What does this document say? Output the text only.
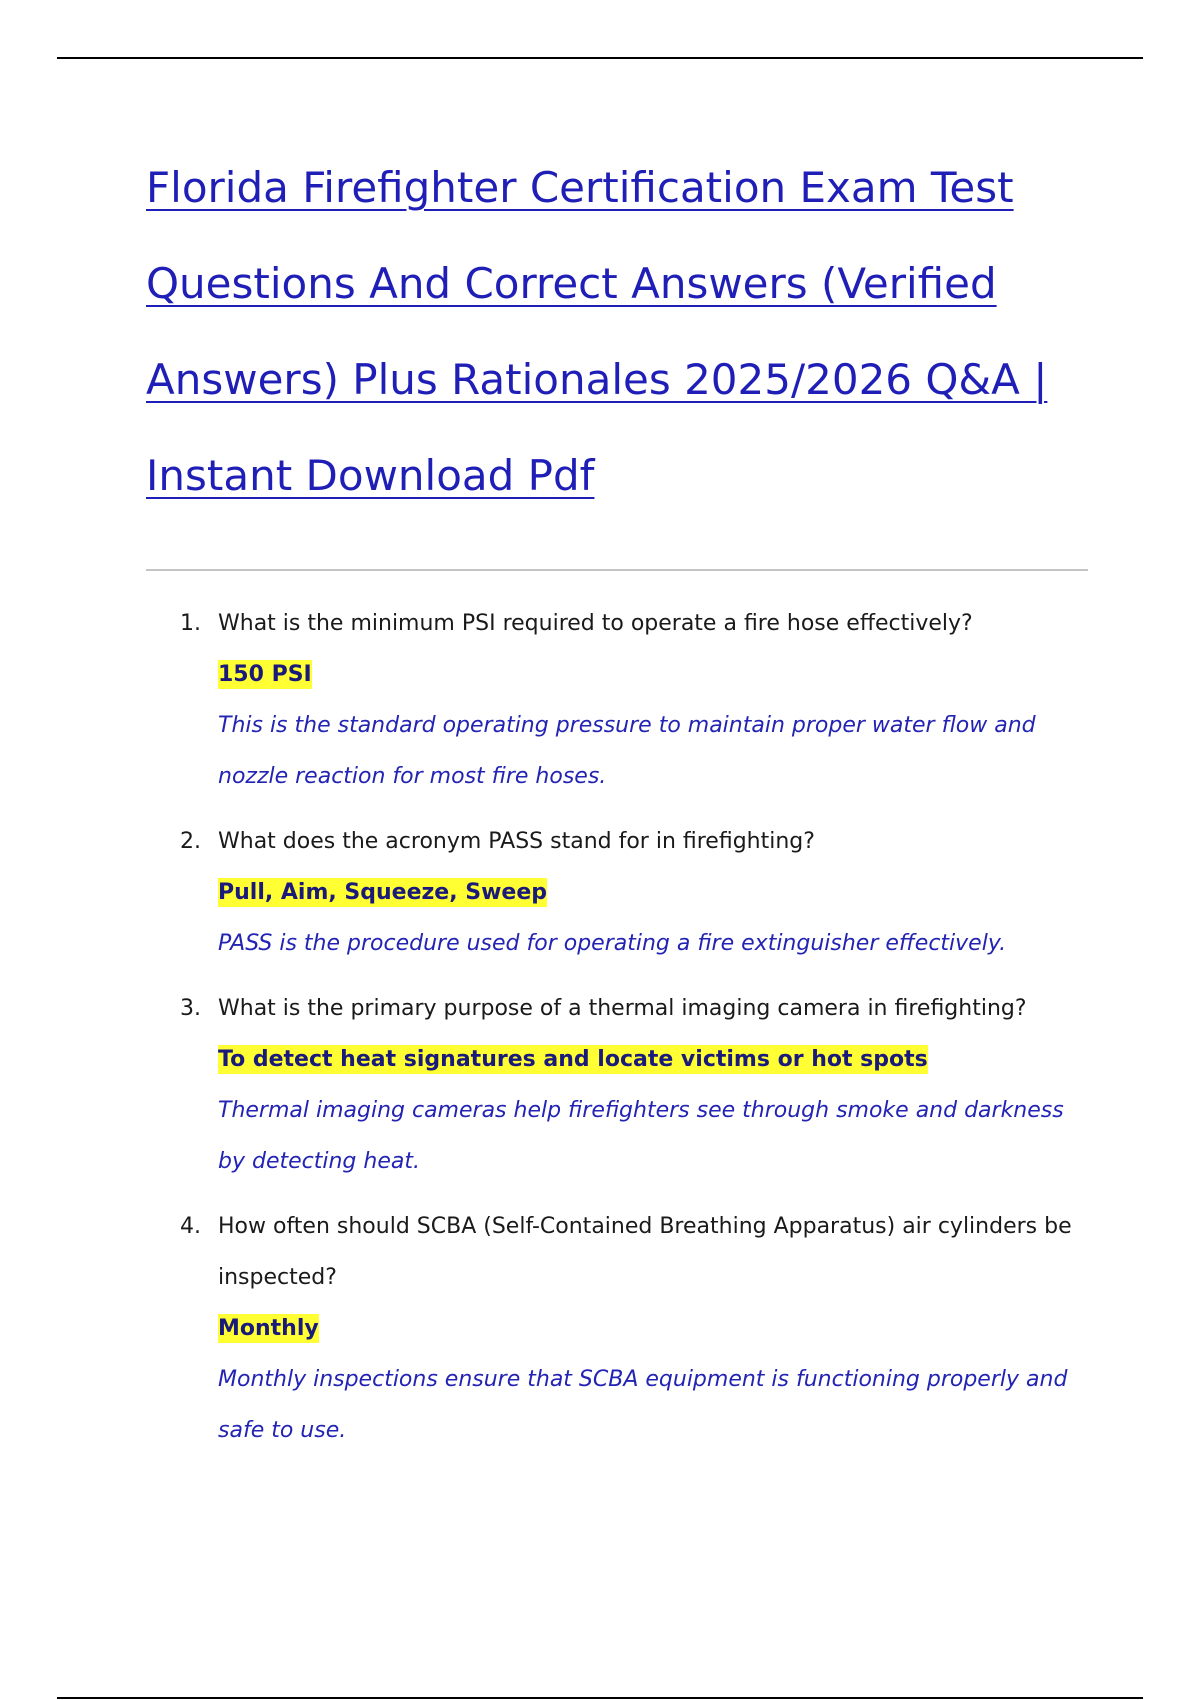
Florida Firefighter Certification Exam Test
Questions And Correct Answers (Verified
Answers) Plus Rationales 2025/2026 Q&A |
Instant Download Pdf
1. What is the minimum PSI required to operate a fire hose effectively?
150 PSI
This is the standard operating pressure to maintain proper water flow and nozzle reaction for most fire hoses.
2. What does the acronym PASS stand for in firefighting?
Pull, Aim, Squeeze, Sweep
PASS is the procedure used for operating a fire extinguisher effectively.
3. What is the primary purpose of a thermal imaging camera in firefighting?
To detect heat signatures and locate victims or hot spots
Thermal imaging cameras help firefighters see through smoke and darkness by detecting heat.
4. How often should SCBA (Self-Contained Breathing Apparatus) air cylinders be inspected?
Monthly
Monthly inspections ensure that SCBA equipment is functioning properly and safe to use.
